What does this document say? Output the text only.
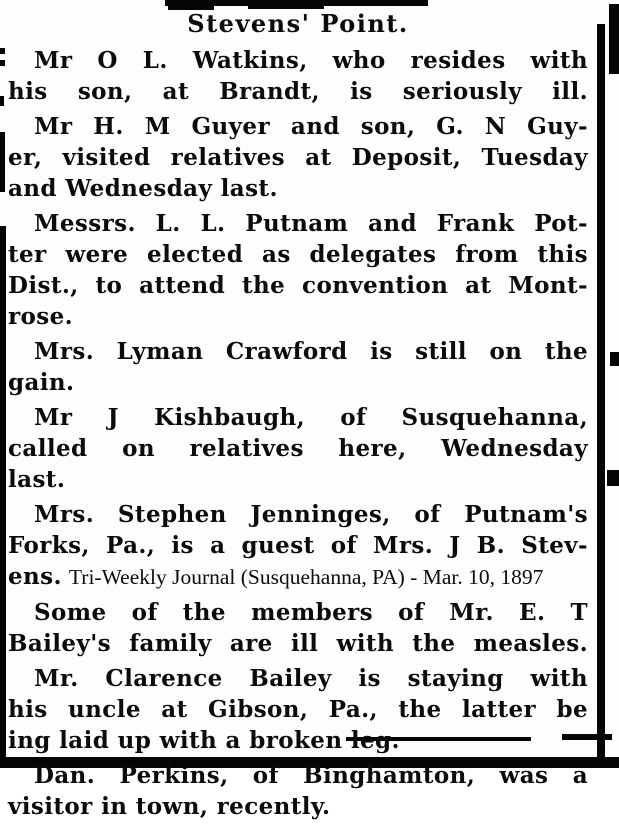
Stevens' Point.
Mr O L. Watkins, who resides with
his son, at Brandt, is seriously ill.
Mr H. M Guyer and son, G. N Guy-
er, visited relatives at Deposit, Tuesday
and Wednesday last.
Messrs. L. L. Putnam and Frank Pot-
ter were elected as delegates from this
Dist., to attend the convention at Mont-
rose.
Mrs. Lyman Crawford is still on the
gain.
Mr J Kishbaugh, of Susquehanna,
called on relatives here, Wednesday
last.
Mrs. Stephen Jenninges, of Putnam's
Forks, Pa., is a guest of Mrs. J B. Stev-
ens. Tri-Weekly Journal (Susquehanna, PA) - Mar. 10, 1897
Some of the members of Mr. E. T
Bailey's family are ill with the measles.
Mr. Clarence Bailey is staying with
his uncle at Gibson, Pa., the latter be
ing laid up with a broken leg.
Dan. Perkins, of Binghamton, was a
visitor in town, recently.
